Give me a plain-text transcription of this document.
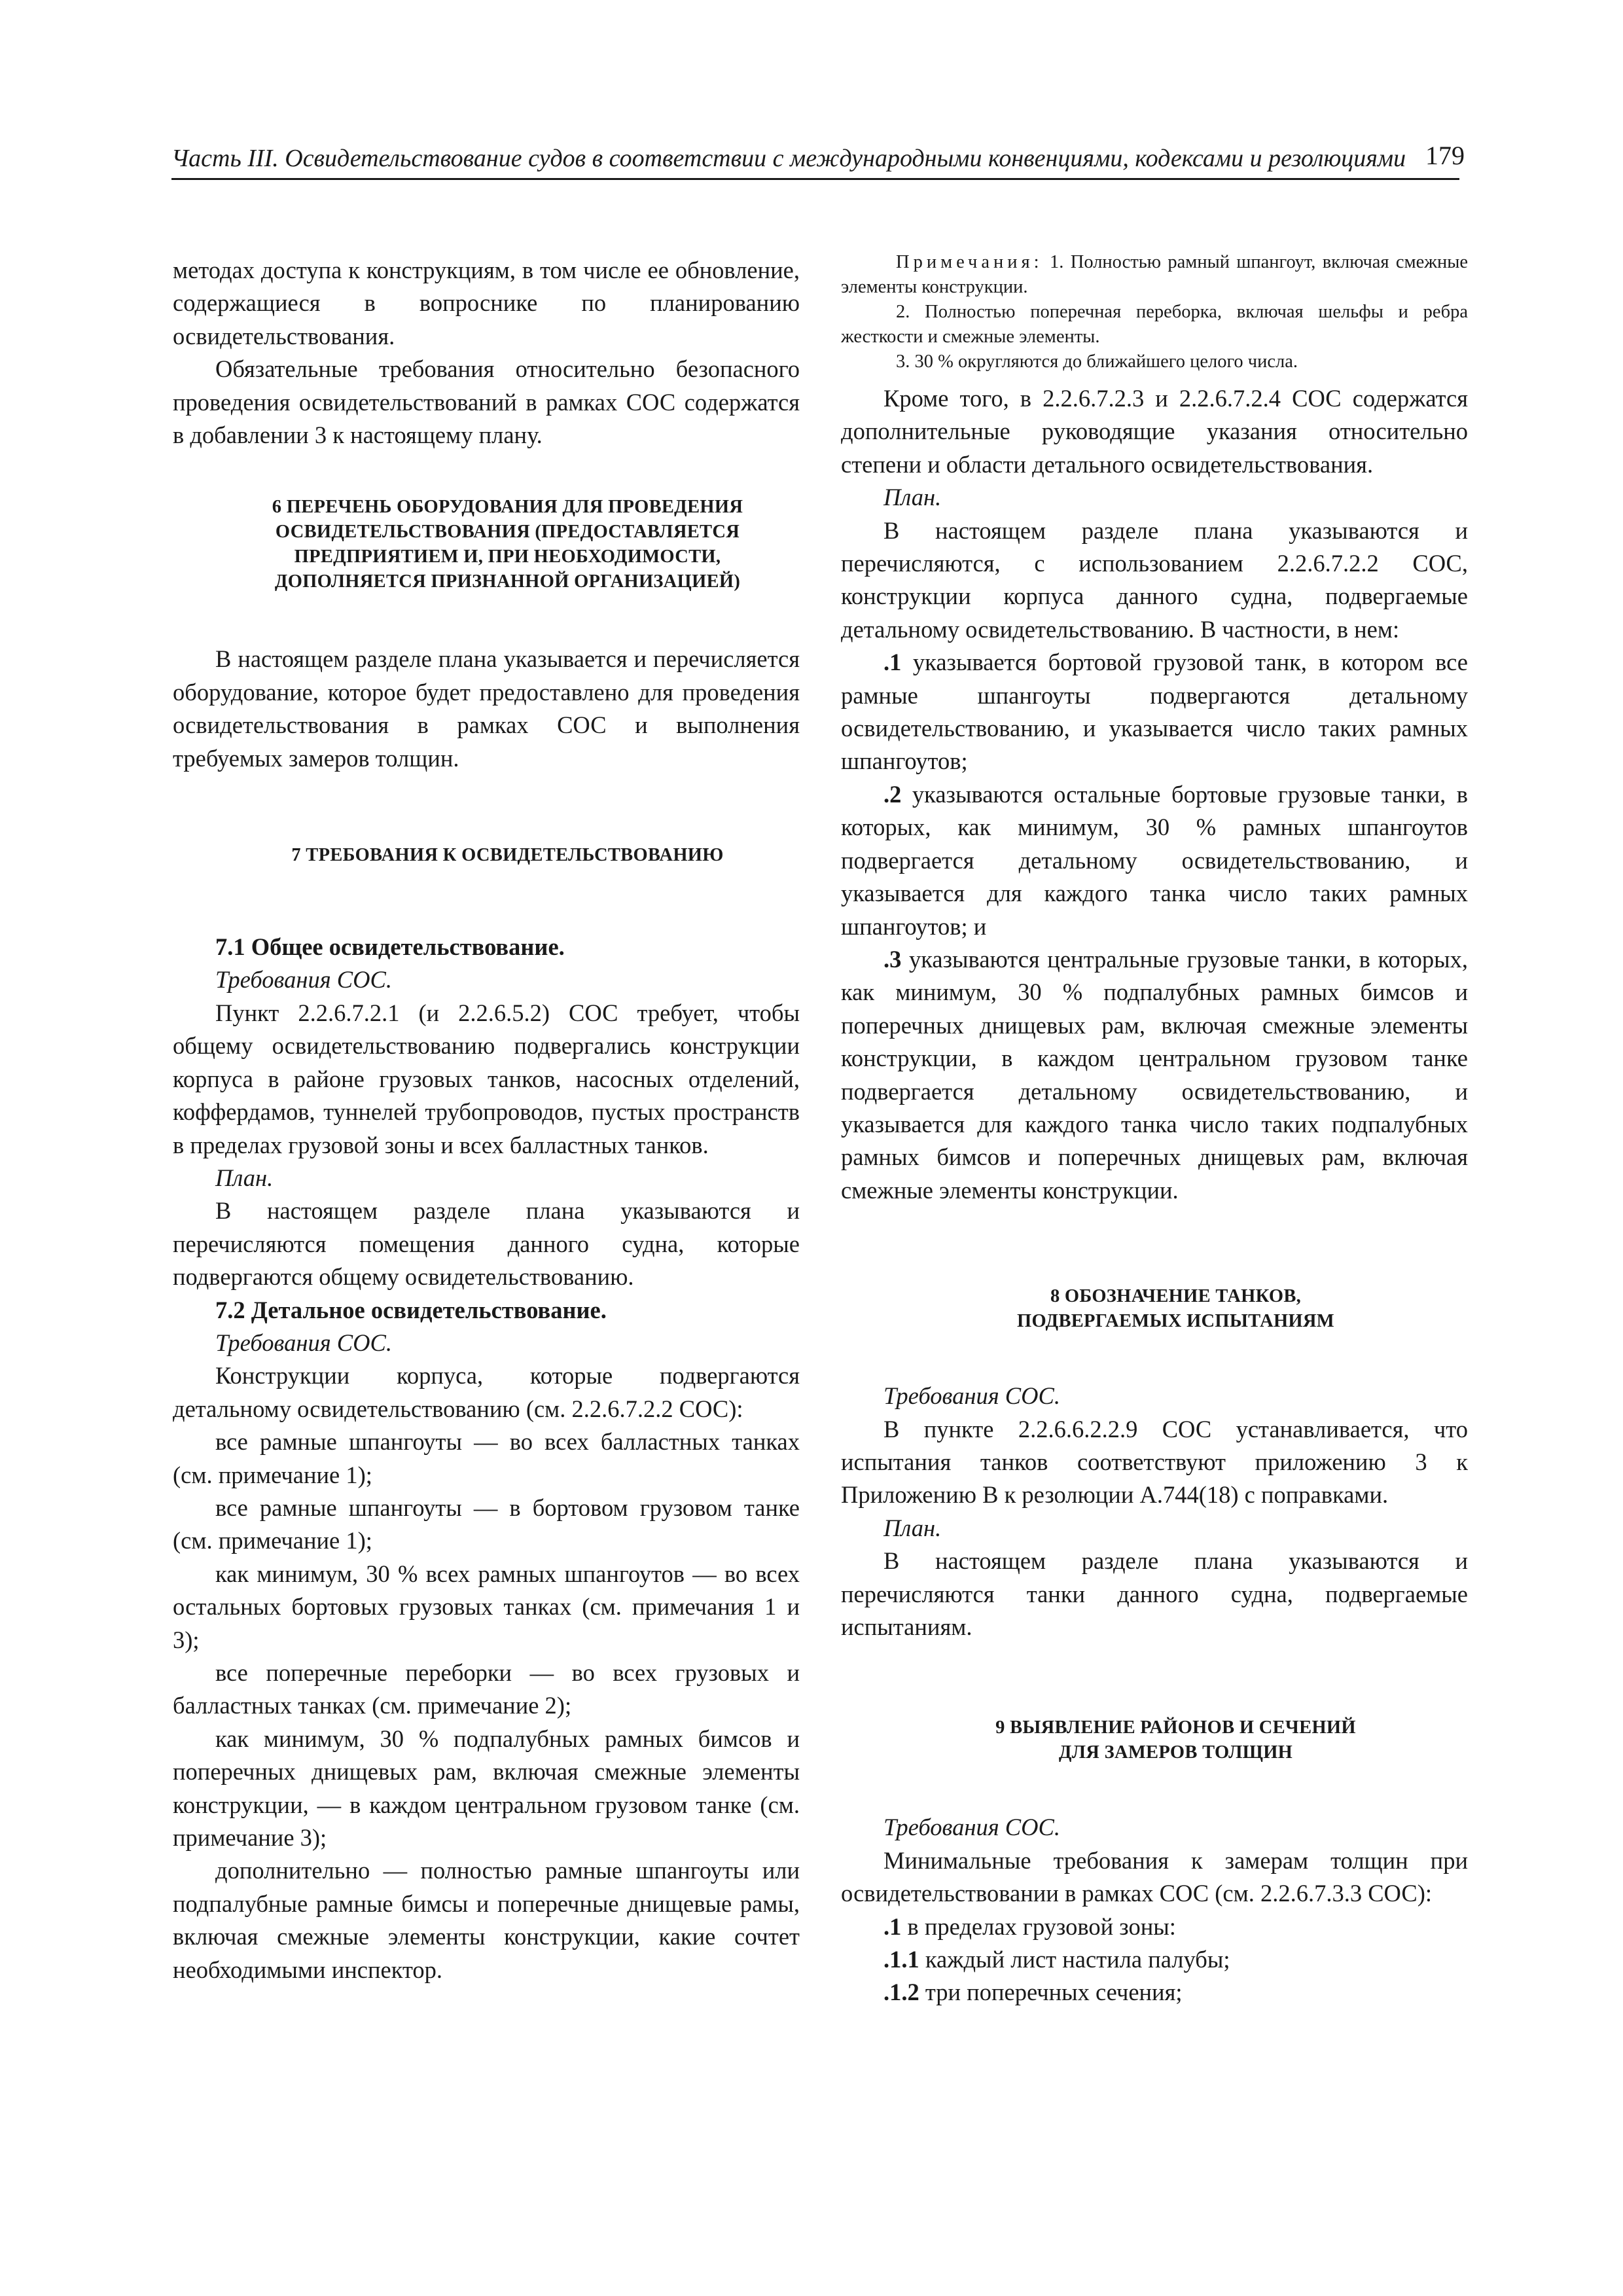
Часть III. Освидетельствование судов в соответствии с международными конвенциями, кодексами и резолюциями 179

методах доступа к конструкциям, в том числе ее обновление, содержащиеся в вопроснике по планированию освидетельствования.

Обязательные требования относительно безопасного проведения освидетельствований в рамках СОС содержатся в добавлении 3 к настоящему плану.

6 ПЕРЕЧЕНЬ ОБОРУДОВАНИЯ ДЛЯ ПРОВЕДЕНИЯ

ОСВИДЕТЕЛЬСТВОВАНИЯ (ПРЕДОСТАВЛЯЕТСЯ

ПРЕДПРИЯТИЕМ И, ПРИ НЕОБХОДИМОСТИ,

ДОПОЛНЯЕТСЯ ПРИЗНАННОЙ ОРГАНИЗАЦИЕЙ)

В настоящем разделе плана указывается и перечисляется оборудование, которое будет предоставлено для проведения освидетельствования в рамках СОС и выполнения требуемых замеров толщин.

7 ТРЕБОВАНИЯ К ОСВИДЕТЕЛЬСТВОВАНИЮ

7.1 Общее освидетельствование.

Требования СОС.

Пункт 2.2.6.7.2.1 (и 2.2.6.5.2) СОС требует, чтобы общему освидетельствованию подвергались конструкции корпуса в районе грузовых танков, насосных отделений, коффердамов, туннелей трубопроводов, пустых пространств в пределах грузовой зоны и всех балластных танков.

План.

В настоящем разделе плана указываются и перечисляются помещения данного судна, которые подвергаются общему освидетельствованию.

7.2 Детальное освидетельствование.

Требования СОС.

Конструкции корпуса, которые подвергаются детальному освидетельствованию (см. 2.2.6.7.2.2 СОС):

все рамные шпангоуты — во всех балластных танках (см. примечание 1);

все рамные шпангоуты — в бортовом грузовом танке (см. примечание 1);

как минимум, 30 % всех рамных шпангоутов — во всех остальных бортовых грузовых танках (см. примечания 1 и 3);

все поперечные переборки — во всех грузовых и балластных танках (см. примечание 2);

как минимум, 30 % подпалубных рамных бимсов и поперечных днищевых рам, включая смежные элементы конструкции, — в каждом центральном грузовом танке (см. примечание 3);

дополнительно — полностью рамные шпангоуты или подпалубные рамные бимсы и поперечные днищевые рамы, включая смежные элементы конструкции, какие сочтет необходимыми инспектор.

Примечания: 1. Полностью рамный шпангоут, включая смежные элементы конструкции.

2. Полностью поперечная переборка, включая шельфы и ребра жесткости и смежные элементы.

3. 30 % округляются до ближайшего целого числа.

Кроме того, в 2.2.6.7.2.3 и 2.2.6.7.2.4 СОС содержатся дополнительные руководящие указания относительно степени и области детального освидетельствования.

План.

В настоящем разделе плана указываются и перечисляются, с использованием 2.2.6.7.2.2 СОС, конструкции корпуса данного судна, подвергаемые детальному освидетельствованию. В частности, в нем:

.1 указывается бортовой грузовой танк, в котором все рамные шпангоуты подвергаются детальному освидетельствованию, и указывается число таких рамных шпангоутов;

.2 указываются остальные бортовые грузовые танки, в которых, как минимум, 30 % рамных шпангоутов подвергается детальному освидетельствованию, и указывается для каждого танка число таких рамных шпангоутов; и

.3 указываются центральные грузовые танки, в которых, как минимум, 30 % подпалубных рамных бимсов и поперечных днищевых рам, включая смежные элементы конструкции, в каждом центральном грузовом танке подвергается детальному освидетельствованию, и указывается для каждого танка число таких подпалубных рамных бимсов и поперечных днищевых рам, включая смежные элементы конструкции.

8 ОБОЗНАЧЕНИЕ ТАНКОВ,

ПОДВЕРГАЕМЫХ ИСПЫТАНИЯМ

Требования СОС.

В пункте 2.2.6.6.2.2.9 СОС устанавливается, что испытания танков соответствуют приложению 3 к Приложению В к резолюции А.744(18) с поправками.

План.

В настоящем разделе плана указываются и перечисляются танки данного судна, подвергаемые испытаниям.

9 ВЫЯВЛЕНИЕ РАЙОНОВ И СЕЧЕНИЙ

ДЛЯ ЗАМЕРОВ ТОЛЩИН

Требования СОС.

Минимальные требования к замерам толщин при освидетельствовании в рамках СОС (см. 2.2.6.7.3.3 СОС):

.1 в пределах грузовой зоны:

.1.1 каждый лист настила палубы;

.1.2 три поперечных сечения;
